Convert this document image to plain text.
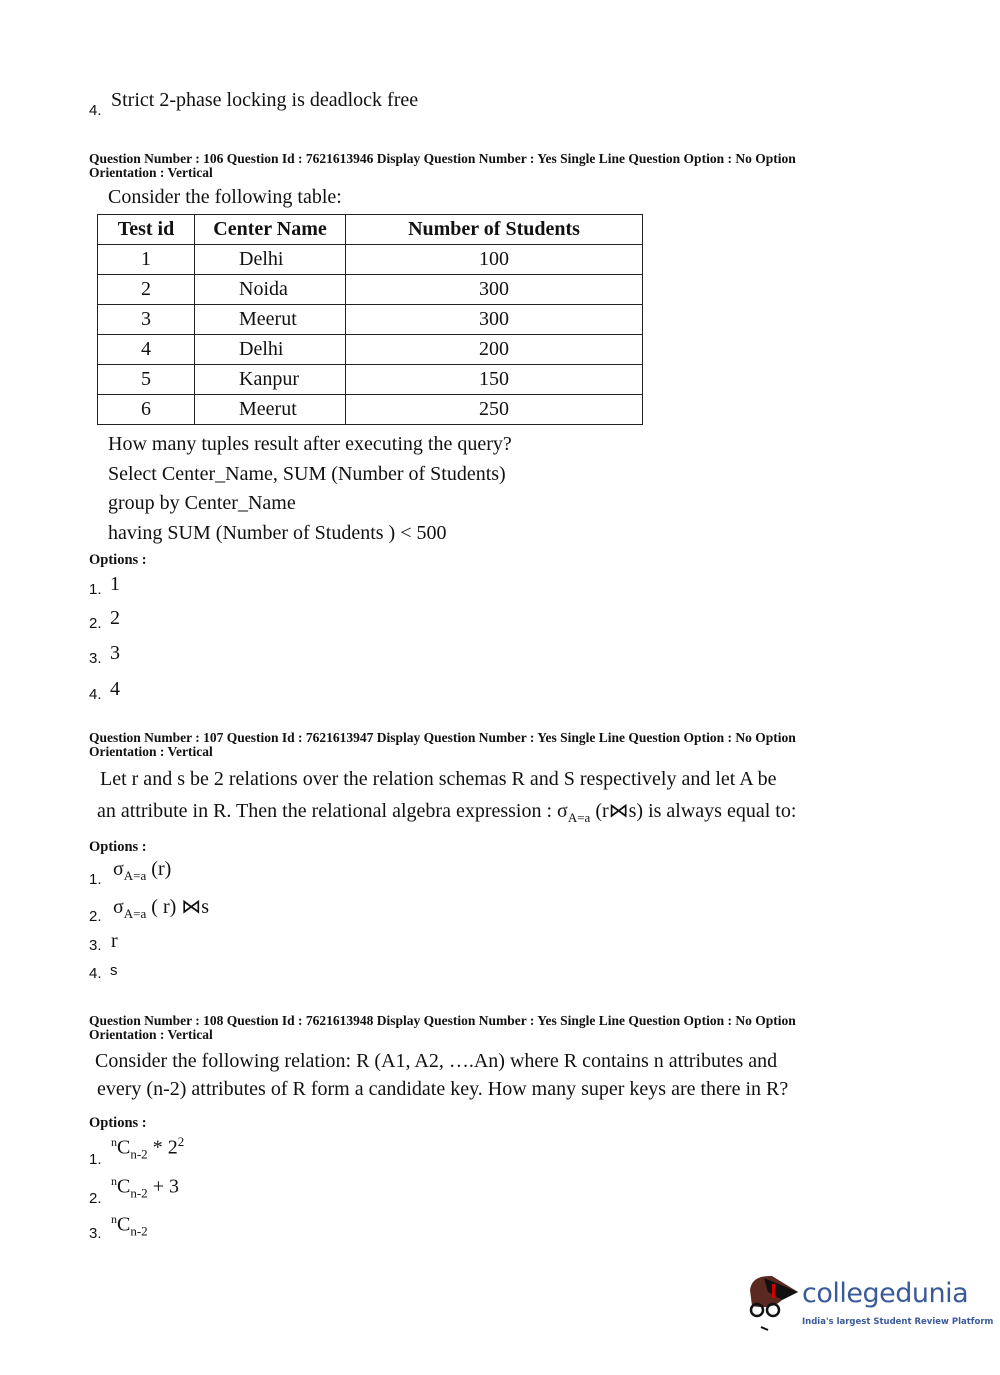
4. Strict 2-phase locking is deadlock free
Question Number : 106 Question Id : 7621613946 Display Question Number : Yes Single Line Question Option : No Option
Orientation : Vertical
Consider the following table:
Test id	Center Name	Number of Students
1	Delhi	100
2	Noida	300
3	Meerut	300
4	Delhi	200
5	Kanpur	150
6	Meerut	250
How many tuples result after executing the query?
Select Center_Name, SUM (Number of Students)
group by Center_Name
having SUM (Number of Students ) < 500
Options :
1. 1
2. 2
3. 3
4. 4
Question Number : 107 Question Id : 7621613947 Display Question Number : Yes Single Line Question Option : No Option
Orientation : Vertical
Let r and s be 2 relations over the relation schemas R and S respectively and let A be
an attribute in R. Then the relational algebra expression : $\sigma_{A=a}$ (r⋈s) is always equal to:
Options :
1. $\sigma_{A=a}$ (r)
2. $\sigma_{A=a}$ ( r) ⋈s
3. r
4. s
Question Number : 108 Question Id : 7621613948 Display Question Number : Yes Single Line Question Option : No Option
Orientation : Vertical
Consider the following relation: R (A1, A2, ….An) where R contains n attributes and
every (n-2) attributes of R form a candidate key. How many super keys are there in R?
Options :
1.
$^nC_{n-2} * 2^2$
2.
$^nC_{n-2} + 3$
3.
$^nC_{n-2}$
collegedunia
India's largest Student Review Platform
